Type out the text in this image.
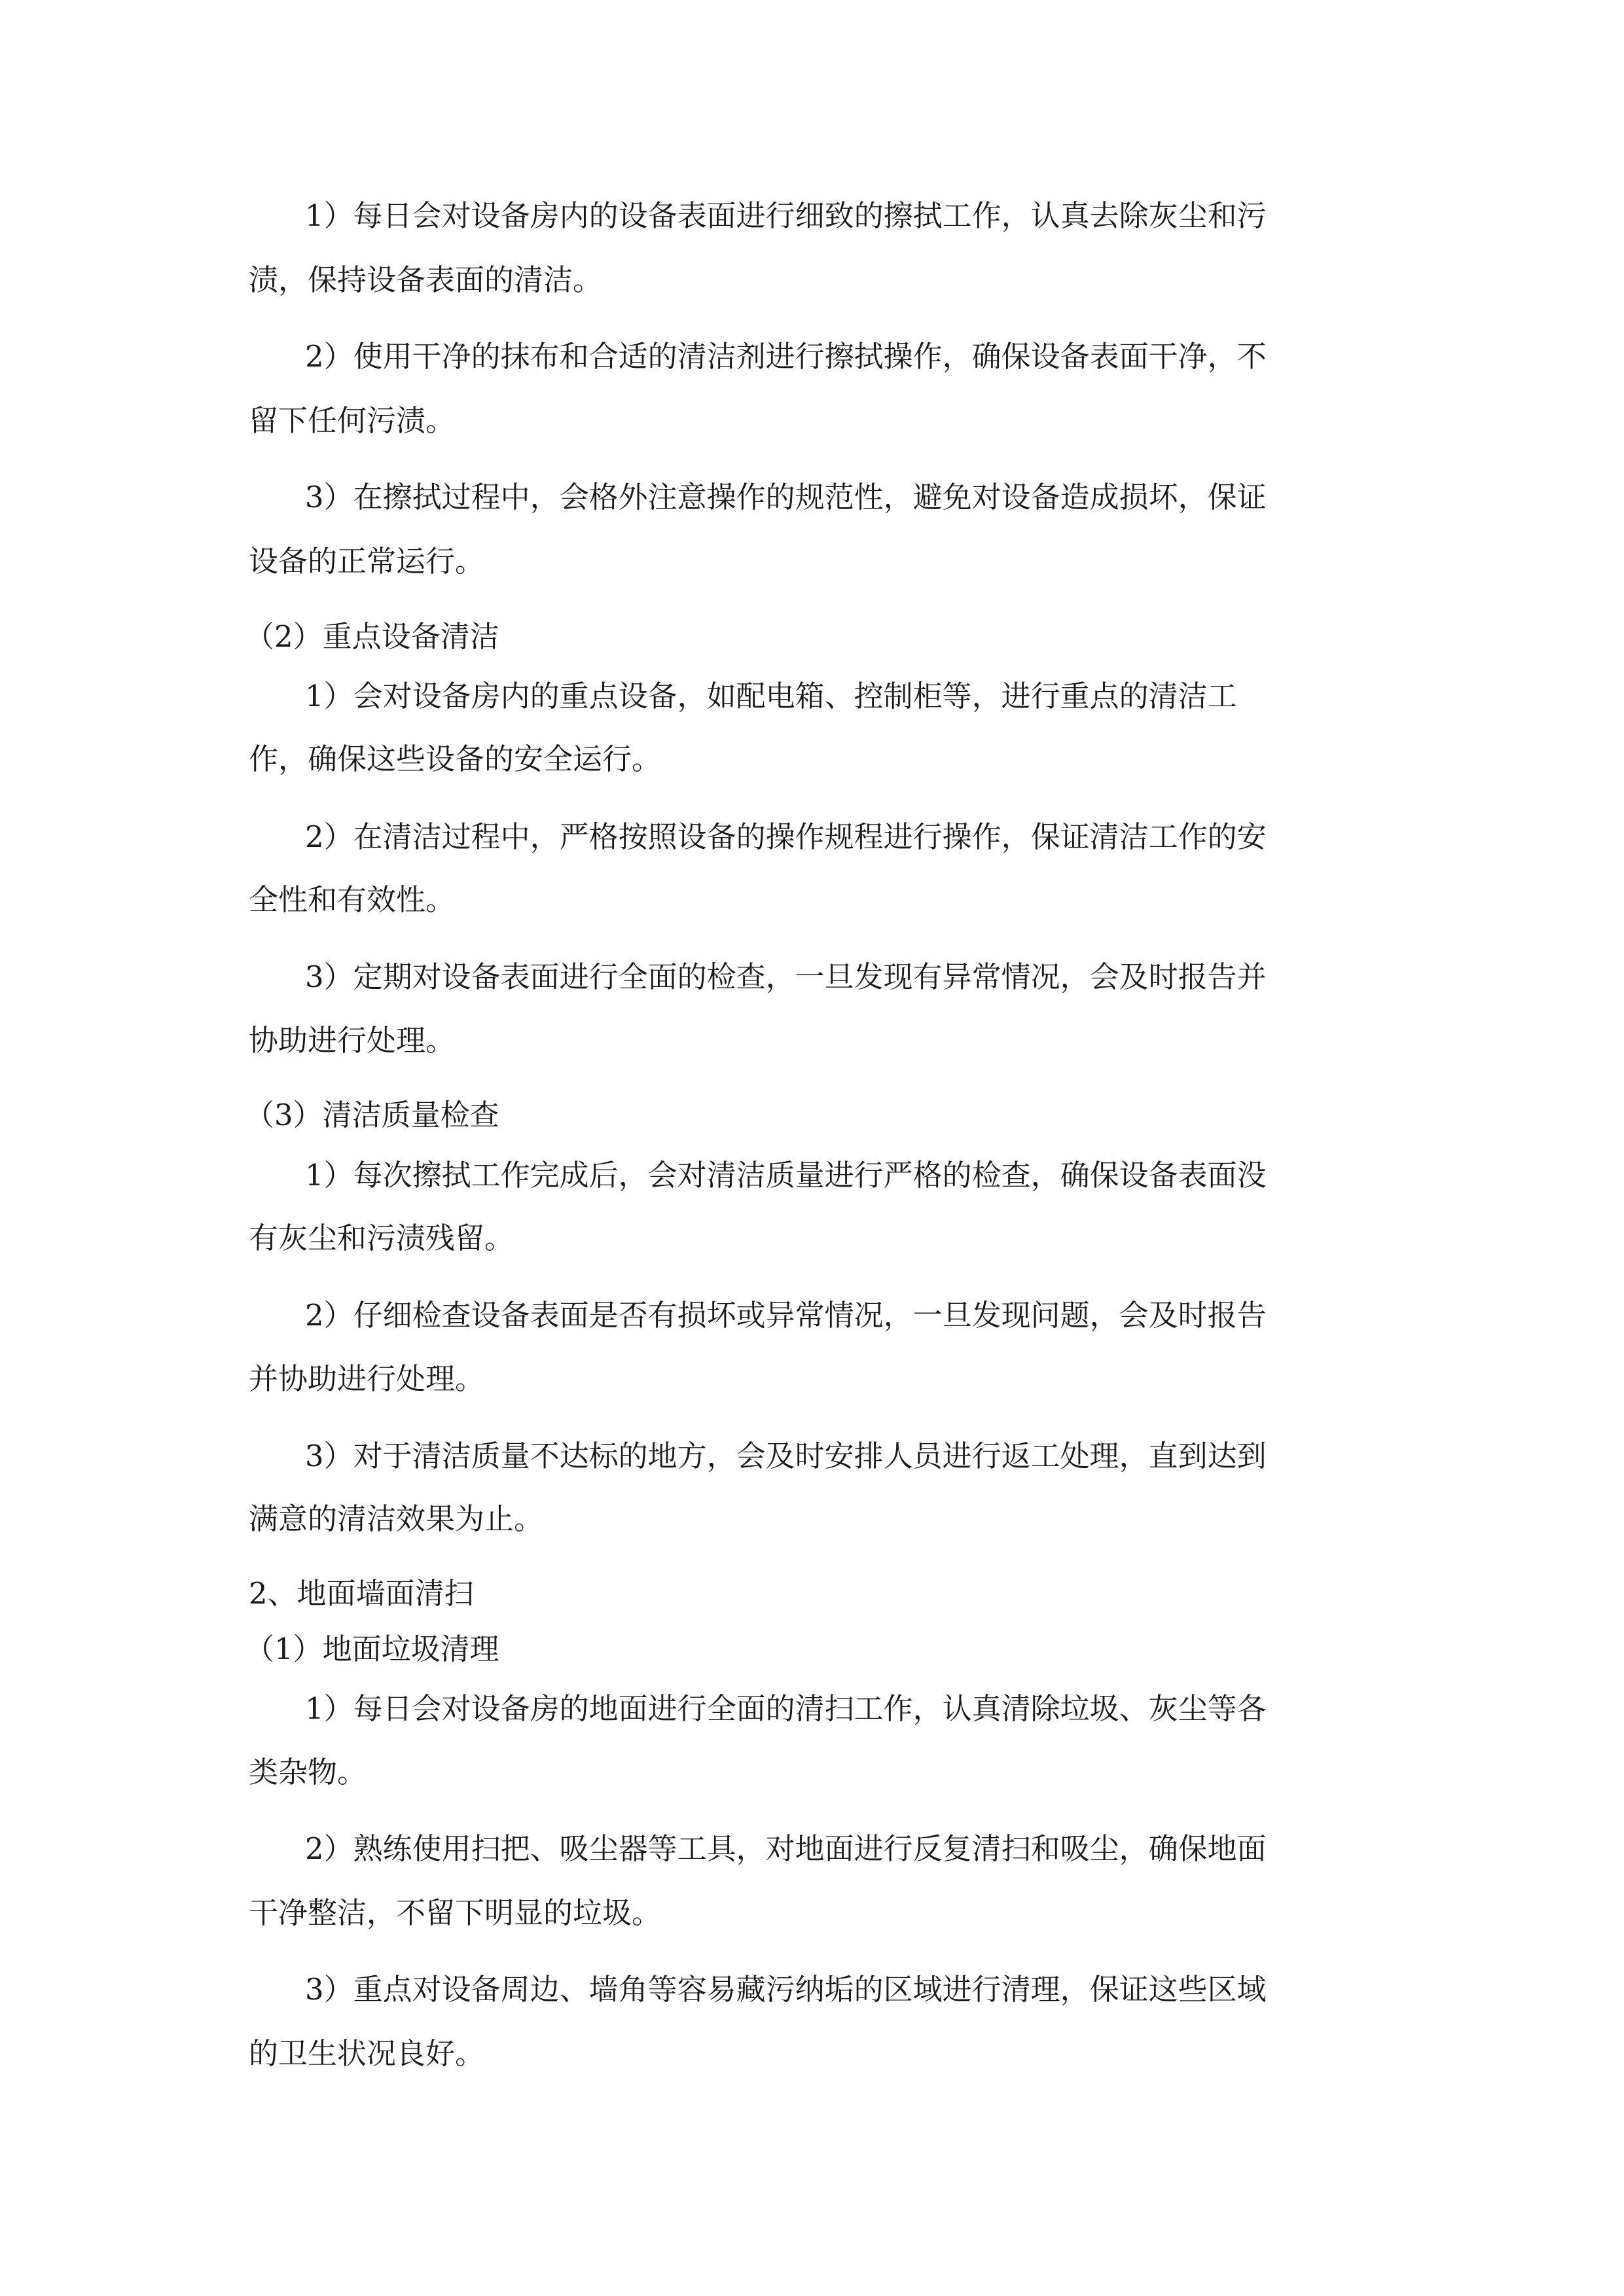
1）每日会对设备房内的设备表面进行细致的擦拭工作，认真去除灰尘和污
渍，保持设备表面的清洁。
2）使用干净的抹布和合适的清洁剂进行擦拭操作，确保设备表面干净，不
留下任何污渍。
3）在擦拭过程中，会格外注意操作的规范性，避免对设备造成损坏，保证
设备的正常运行。
（2）重点设备清洁
1）会对设备房内的重点设备，如配电箱、控制柜等，进行重点的清洁工
作，确保这些设备的安全运行。
2）在清洁过程中，严格按照设备的操作规程进行操作，保证清洁工作的安
全性和有效性。
3）定期对设备表面进行全面的检查，一旦发现有异常情况，会及时报告并
协助进行处理。
（3）清洁质量检查
1）每次擦拭工作完成后，会对清洁质量进行严格的检查，确保设备表面没
有灰尘和污渍残留。
2）仔细检查设备表面是否有损坏或异常情况，一旦发现问题，会及时报告
并协助进行处理。
3）对于清洁质量不达标的地方，会及时安排人员进行返工处理，直到达到
满意的清洁效果为止。
2、地面墙面清扫
（1）地面垃圾清理
1）每日会对设备房的地面进行全面的清扫工作，认真清除垃圾、灰尘等各
类杂物。
2）熟练使用扫把、吸尘器等工具，对地面进行反复清扫和吸尘，确保地面
干净整洁，不留下明显的垃圾。
3）重点对设备周边、墙角等容易藏污纳垢的区域进行清理，保证这些区域
的卫生状况良好。
